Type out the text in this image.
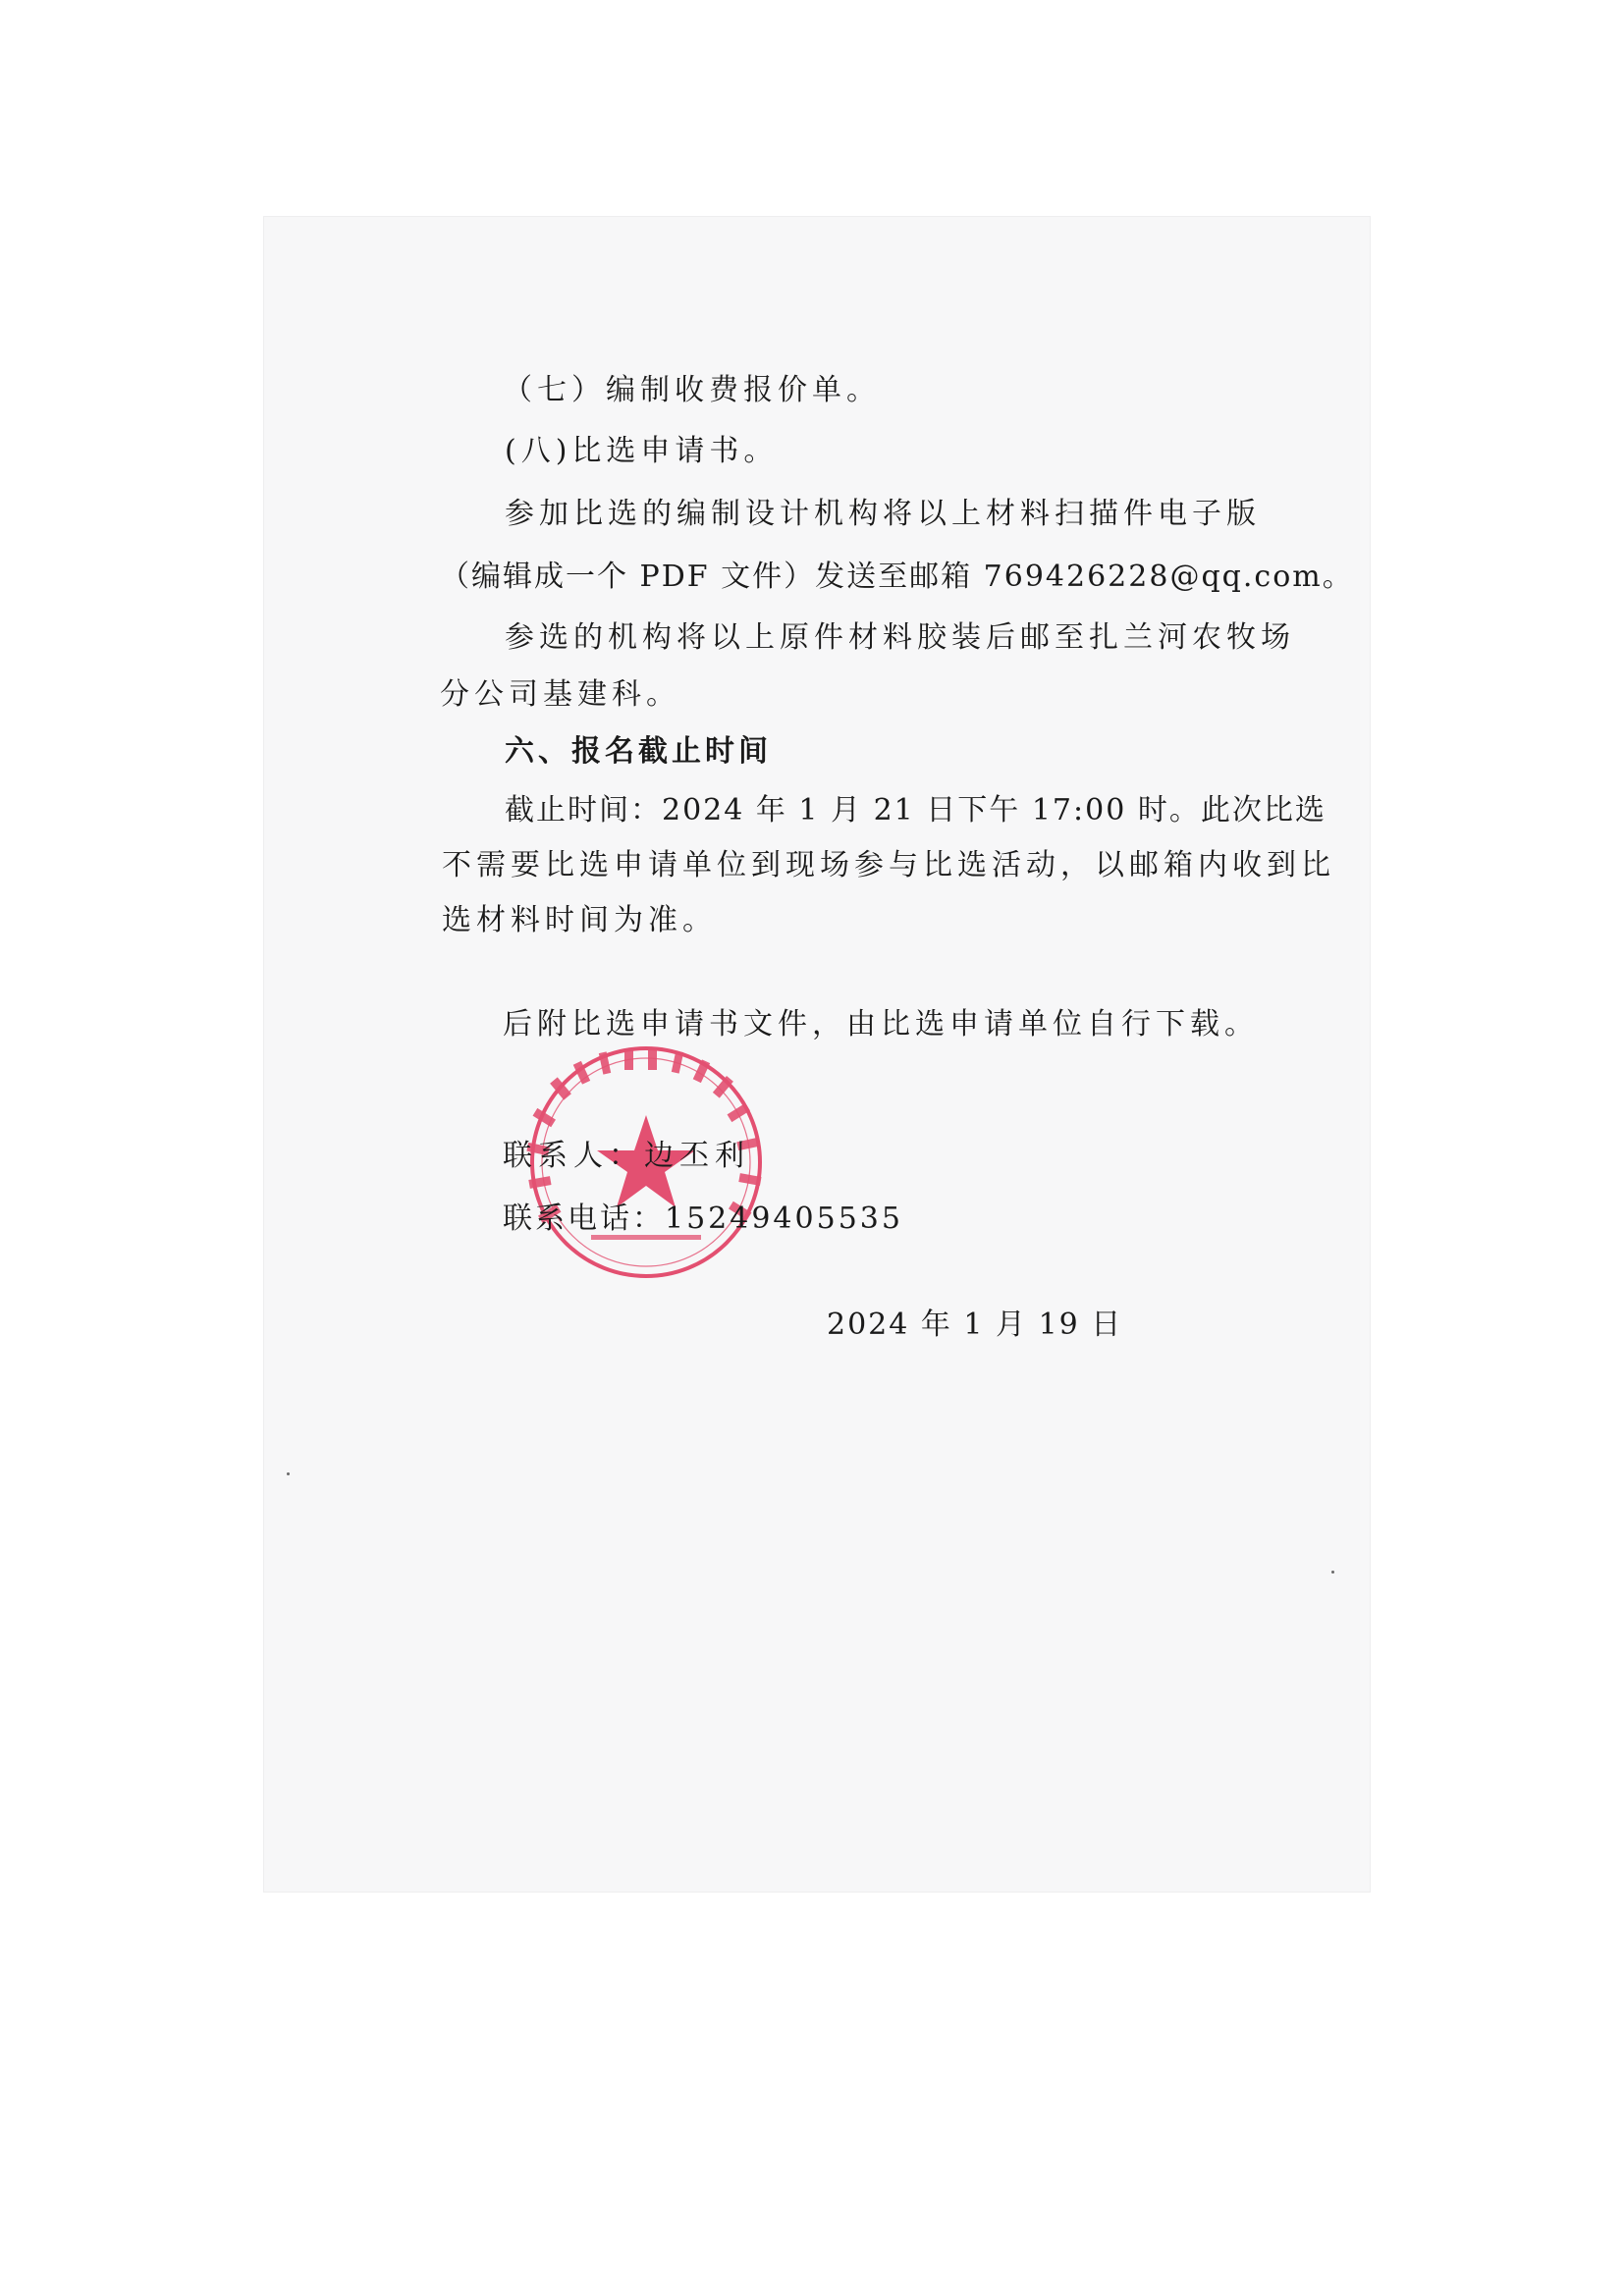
（七）编制收费报价单。
(八)比选申请书。
参加比选的编制设计机构将以上材料扫描件电子版
（编辑成一个 PDF 文件）发送至邮箱 769426228@qq.com。
参选的机构将以上原件材料胶装后邮至扎兰河农牧场
分公司基建科。
六、报名截止时间
截止时间：2024 年 1 月 21 日下午 17:00 时。此次比选
不需要比选申请单位到现场参与比选活动，以邮箱内收到比
选材料时间为准。
后附比选申请书文件，由比选申请单位自行下载。
联系人：边丕利
联系电话：15249405535
2024 年 1 月 19 日
